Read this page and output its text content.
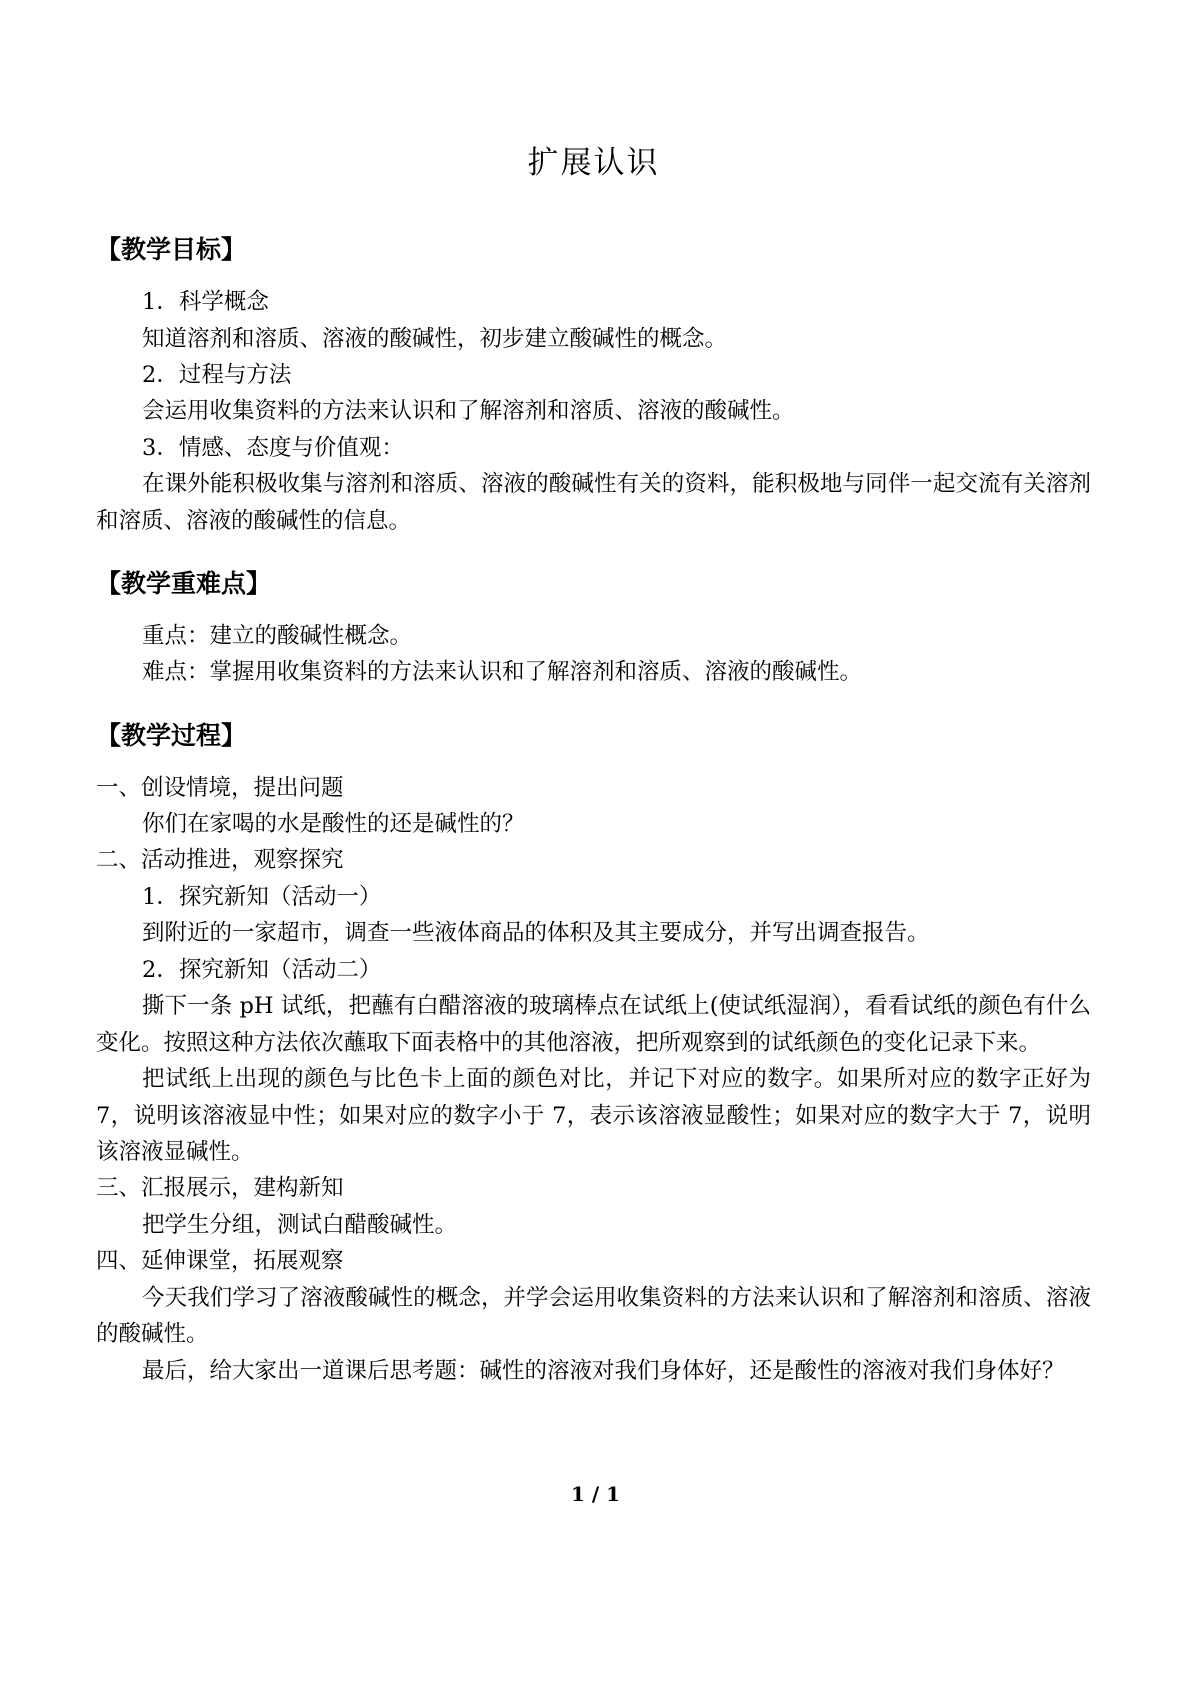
扩展认识
【教学目标】

1．科学概念

知道溶剂和溶质、溶液的酸碱性，初步建立酸碱性的概念。

2．过程与方法

会运用收集资料的方法来认识和了解溶剂和溶质、溶液的酸碱性。

3．情感、态度与价值观：

在课外能积极收集与溶剂和溶质、溶液的酸碱性有关的资料，能积极地与同伴一起交流有关溶剂和溶质、溶液的酸碱性的信息。

【教学重难点】

重点：建立的酸碱性概念。

难点：掌握用收集资料的方法来认识和了解溶剂和溶质、溶液的酸碱性。

【教学过程】

一、创设情境，提出问题

你们在家喝的水是酸性的还是碱性的？

二、活动推进，观察探究

1．探究新知（活动一）

到附近的一家超市，调查一些液体商品的体积及其主要成分，并写出调查报告。

2．探究新知（活动二）

撕下一条 pH 试纸，把蘸有白醋溶液的玻璃棒点在试纸上(使试纸湿润），看看试纸的颜色有什么变化。按照这种方法依次蘸取下面表格中的其他溶液，把所观察到的试纸颜色的变化记录下来。

把试纸上出现的颜色与比色卡上面的颜色对比，并记下对应的数字。如果所对应的数字正好为 7，说明该溶液显中性；如果对应的数字小于 7，表示该溶液显酸性；如果对应的数字大于 7，说明该溶液显碱性。

三、汇报展示，建构新知

把学生分组，测试白醋酸碱性。

四、延伸课堂，拓展观察

今天我们学习了溶液酸碱性的概念，并学会运用收集资料的方法来认识和了解溶剂和溶质、溶液的酸碱性。

最后，给大家出一道课后思考题：碱性的溶液对我们身体好，还是酸性的溶液对我们身体好？

1 / 1
